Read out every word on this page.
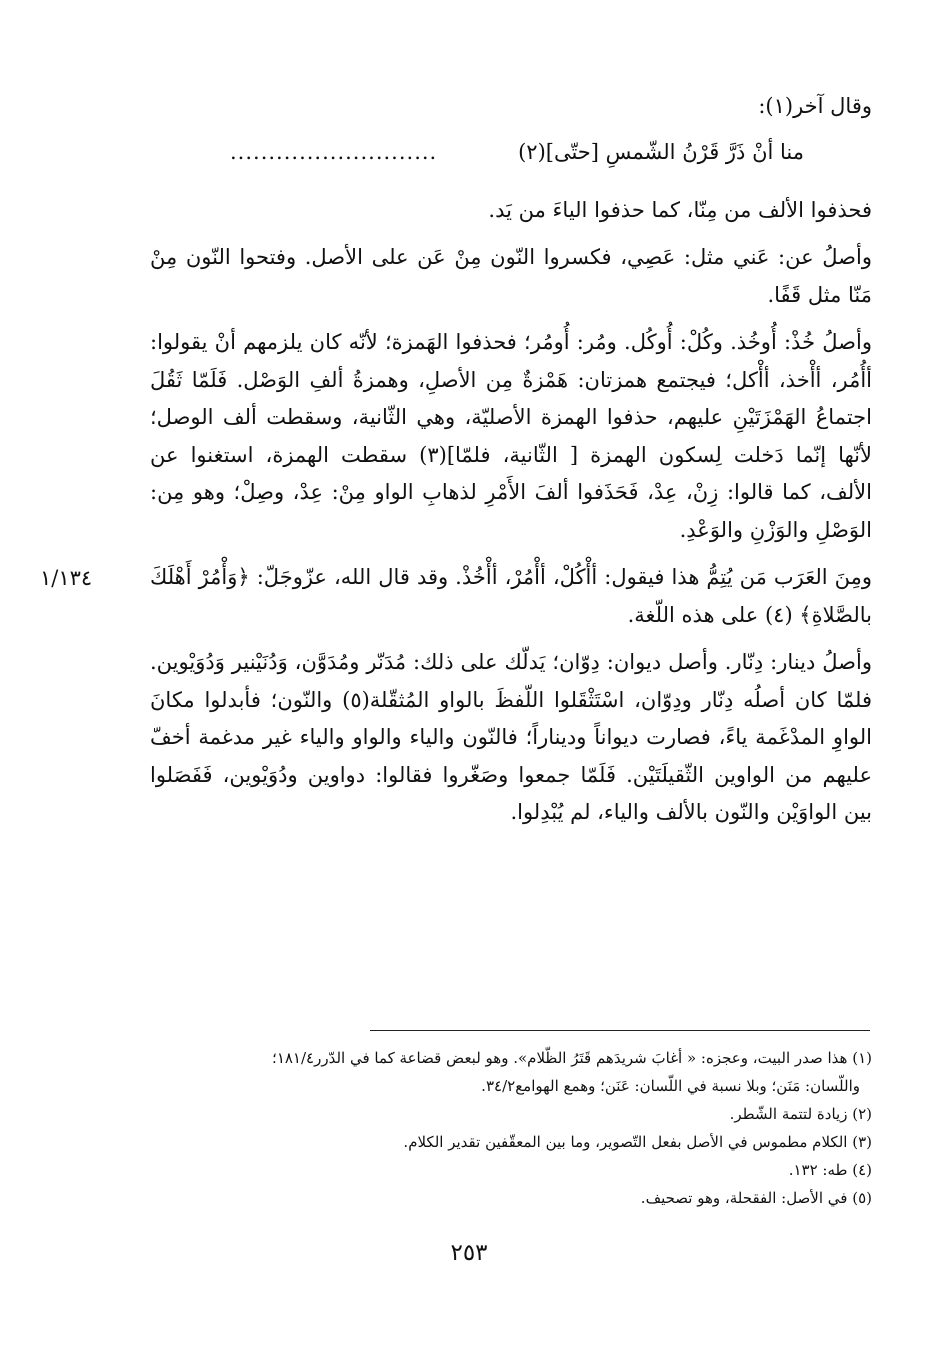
وقال آخر(١):

منا أنْ ذَرَّ قَرْنُ الشّمسِ [حتّى](٢)
...........................

فحذفوا الألف من مِنّا، كما حذفوا الياءَ من يَد.

وأصلُ عن: عَني مثل: عَصِي، فكسروا النّون مِنْ عَن على الأصل. وفتحوا النّون مِنْ مَنّا مثل قَفًا.

وأصلُ خُذْ: أُوخُذ. وكُلْ: أُوكُل. ومُر: أُومُر؛ فحذفوا الهَمزة؛ لأنّه كان يلزمهم أنْ يقولوا: أأُمُر، أأْخذ، أأْكل؛ فيجتمع همزتان: هَمْزةٌ مِن الأصلِ، وهمزةُ ألفِ الوَصْل. فَلَمّا ثَقُلَ اجتماعُ الهَمْزَتَيْنِ عليهم، حذفوا الهمزة الأصليّة، وهي الثّانية، وسقطت ألف الوصل؛ لأنّها إنّما دَخلت لِسكون الهمزة [ الثّانية، فلمّا](٣) سقطت الهمزة، استغنوا عن الألف، كما قالوا: زِنْ، عِدْ، فَحَذَفوا ألفَ الأَمْرِ لذهابِ الواو مِنْ: عِدْ، وصِلْ؛ وهو مِن: الوَصْلِ والوَزْنِ والوَعْدِ.

ومِنَ العَرَب مَن يُتِمُّ هذا فيقول: أأْكُلْ، أأْمُرْ، أأْخُذْ. وقد قال الله، عزّوجَلّ: ﴿وَأْمُرْ أَهْلَكَ بالصَّلاةِ﴾ (٤) على هذه اللّغة.

وأصلُ دينار: دِنّار. وأصل ديوان: دِوّان؛ يَدلّك على ذلك: مُدَنّر ومُدَوَّن، وَدُنَيْنير وَدُوَيْوين. فلمّا كان أصلُه دِنّار ودِوّان، اسْتَثْقَلوا اللّفظَ بالواو المُثقّلة(٥) والنّون؛ فأبدلوا مكانَ الواوِ المدْغَمة ياءً، فصارت ديواناً وديناراً؛ فالنّون والياء والواو والياء غير مدغمة أخفّ عليهم من الواوين الثّقيلَتَيْن. فَلَمّا جمعوا وصَغّروا فقالوا: دواوين ودُوَيْوين، فَفَصَلوا بين الواوَيْن والنّون بالألف والياء، لم يُبْدِلوا.

١/١٣٤

(١) هذا صدر البيت، وعجزه: « أغابَ شريدَهم قَتَرُ الظّلام». وهو لبعض قضاعة كما في الدّرر١٨١/٤؛

واللّسان: مَنَن؛ وبلا نسبة في اللّسان: عَنَن؛ وهمع الهوامع٣٤/٢.

(٢) زيادة لتتمة الشّطر.

(٣) الكلام مطموس في الأصل بفعل التّصوير، وما بين المعقّفين تقدير الكلام.

(٤) طه: ١٣٢.

(٥) في الأصل: الفقحلة، وهو تصحيف.

٢٥٣
